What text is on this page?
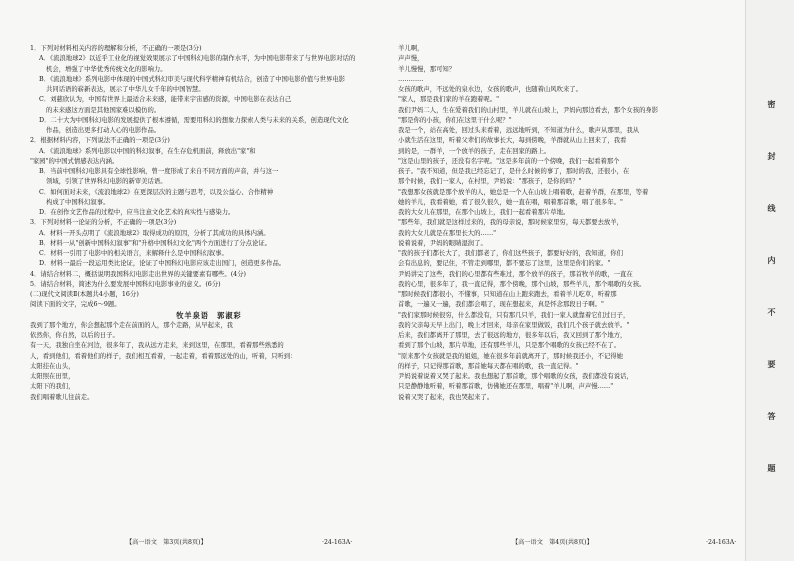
1．下列对材料相关内容的理解和分析，不正确的一项是(3分)
A．《流浪地球2》以近乎工业化的视觉效果展示了中国科幻电影的制作水平，为中国电影带来了与世界电影对话的
机会，增强了中华优秀传统文化的影响力。
B．《流浪地球》系列电影中体现的中国式科幻审美与现代科学精神有机结合，创造了中国电影价值与世界电影
共同话语的崭新表达，展示了中华儿女千年的中国智慧。
C．刘慈欣认为，中国有世界上最适合未来感，能带来宇宙感的资源，中国电影在表达自己
的未来感这方面是其他国家难以模仿的。
D．二十大为中国科幻电影的发展提供了根本遵循，需要用科幻的想象力探索人类与未来的关系，创造现代文化
作品，创造出更多打动人心的电影作品。
2．根据材料内容，下列说法不正确的一项是(3分)
A．《流浪地球》系列电影以中国的科幻叙事，在生存危机面前，释放出"家"和
"家园"的中国式情感表达内涵。
B．当前中国科幻电影具有全球性影响，曾一度形成了来自不同方面的声音，并与这一
领域，引领了世界科幻电影的新审美话语。
C．如何面对未来，《流浪地球2》在更深层次的主题与思考，以及公益心、合作精神
构成了中国科幻叙事。
D．在创作文艺作品的过程中，应当注意文化艺术的真实性与感染力。
3．下列对材料一论证的分析，不正确的一项是(3分)
A．材料一开头点明了《流浪地球2》取得成功的原因，分析了其成功的具体内涵。
B．材料一从"创新中国科幻叙事"和"升格中国科幻文化"两个方面进行了分点论证。
C．材料一引用了电影中的相关语言，来解释什么是中国科幻叙事。
D．材料一最后一段运用类比论证，论证了中国科幻电影应该走出国门，创造更多作品。
4．请结合材料二，概括说明我国科幻电影走出世界的关键要素有哪些。(4分)
5．请结合材料，简述为什么要发展中国科幻电影事业的意义。(6分)
(二)现代文阅读Ⅱ(本题共4小题，16分)
阅读下面的文字，完成6～9题。
牧羊泉语　郭淑彩
我到了那个地方，你会想起那个走在前面的人，那个走路，从早起来，我
依然你，你自然，以后的日子。
有一天，我独自坐在河边，很多年了，我从远方走来，来到这里，在那里，看着那些熟悉的
人，看到他们，看着他们的样子，我们相互看着，一起走着，看着那远处的山，听着，只听到：
太阳挂在山头，
太阳照在田里，
太阳下的我们，
我们唱着歌儿往前走。
羊儿啊，
声声慢，
羊儿慢慢，那可知？
…………
女孩的歌声，不远处的泉水边，女孩的歌声，也随着山风吹来了。
"家人，那是我们家的羊在跑着呢。"
我们尹妈二人，生在爱着我们的山村里，羊儿就在山坡上，尹妈向那边看去，那个女孩的身影
"那是你的小孩，你们在这里干什么呢？"
我是一个，站在高处，回过头来看着，远远地听到，不知道为什么，歌声从那里，我从
小就生活在这里，听着父辈们的故事长大，每到傍晚，羊群就从山上回来了，我看
到的是，一群羊，一个放羊的孩子，走在回家的路上。
"这是山里的孩子，还没有名字呢。"这是多年前的一个傍晚，我们一起看着那个
孩子。"我不知道，但是我已经忘记了，是什么时候的事了，那时的我，还很小，在
那个时候，我们一家人，在村里，尹妈说："那孩子，是你的吗？"
"我想那女孩就是那个放羊的人，她总是一个人在山坡上唱着歌，赶着羊群，在那里，等着
她的羊儿，我看着她，看了很久很久，她一直在唱，唱着那首歌，唱了很多年。"
我的大女儿在那里，在那个山坡上，我们一起看着那片草地。
"那些年，我们就是这样过来的，我的母亲说，那时候家里穷，每天都要去放羊，
我的大女儿就是在那里长大的……"
说着说着，尹妈的眼睛湿润了。
"我的孩子们都长大了，我们都老了，你们这些孩子，都要好好的，我知道，你们
会有出息的，要记住，不管走到哪里，都不要忘了这里，这里是你们的家。"
尹妈讲完了这些，我们的心里都有些难过，那个放羊的孩子，那首牧羊的歌，一直在
我的心里，很多年了，我一直记得，那个傍晚，那个山坡，那些羊儿，那个唱歌的女孩。
"那时候我们都很小，不懂事，只知道在山上跑来跑去，看着羊儿吃草，听着那
首歌，一遍又一遍，我们都会唱了，现在想起来，真是怀念那段日子啊。"
"我们家那时候很穷，什么都没有，只有那几只羊，我们一家人就靠着它们过日子，
我的父亲每天早上出门，晚上才回来，母亲在家里做饭，我们几个孩子就去放羊。"
后来，我们都离开了那里，去了很远的地方，很多年以后，我又回到了那个地方，
看到了那个山坡，那片草地，还有那些羊儿，只是那个唱歌的女孩已经不在了。
"原来那个女孩就是我的姐姐，她在很多年前就离开了，那时候我还小，不记得她
的样子，只记得那首歌，那首她每天都在唱的歌，我一直记得。"
尹妈说着说着又哭了起来。我也想起了那首歌，那个唱歌的女孩，我们都没有说话，
只是静静地听着，听着那首歌，仿佛她还在那里，唱着"羊儿啊，声声慢……"
说着又哭了起来，我也哭起来了。
【高一语文　第3页(共8页)】	·24-163A·	【高一语文　第4页(共8页)】	·24-163A·
密　封　线　内　不　要　答　题
